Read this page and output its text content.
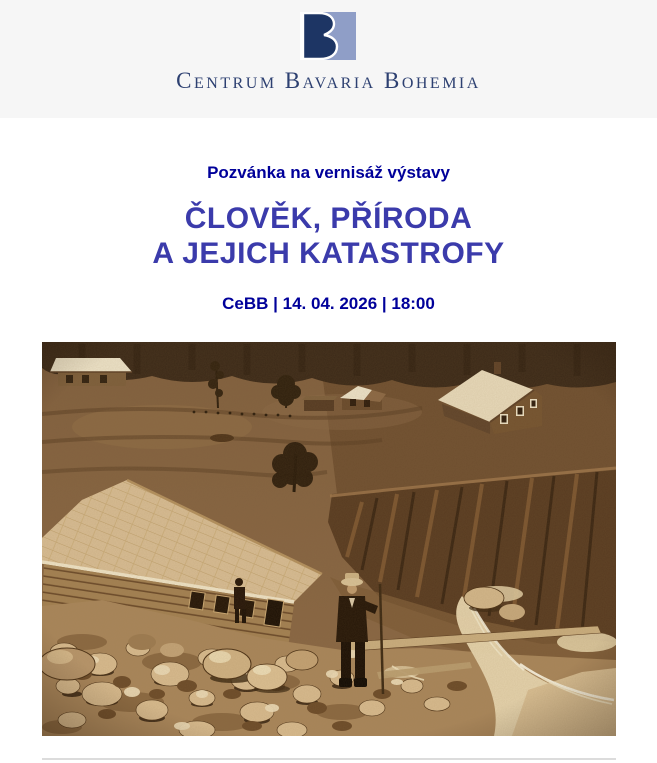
Centrum Bavaria Bohemia
Pozvánka na vernisáž výstavy
ČLOVĚK, PŘÍRODA
A JEJICH KATASTROFY
CeBB | 14. 04. 2026 | 18:00
